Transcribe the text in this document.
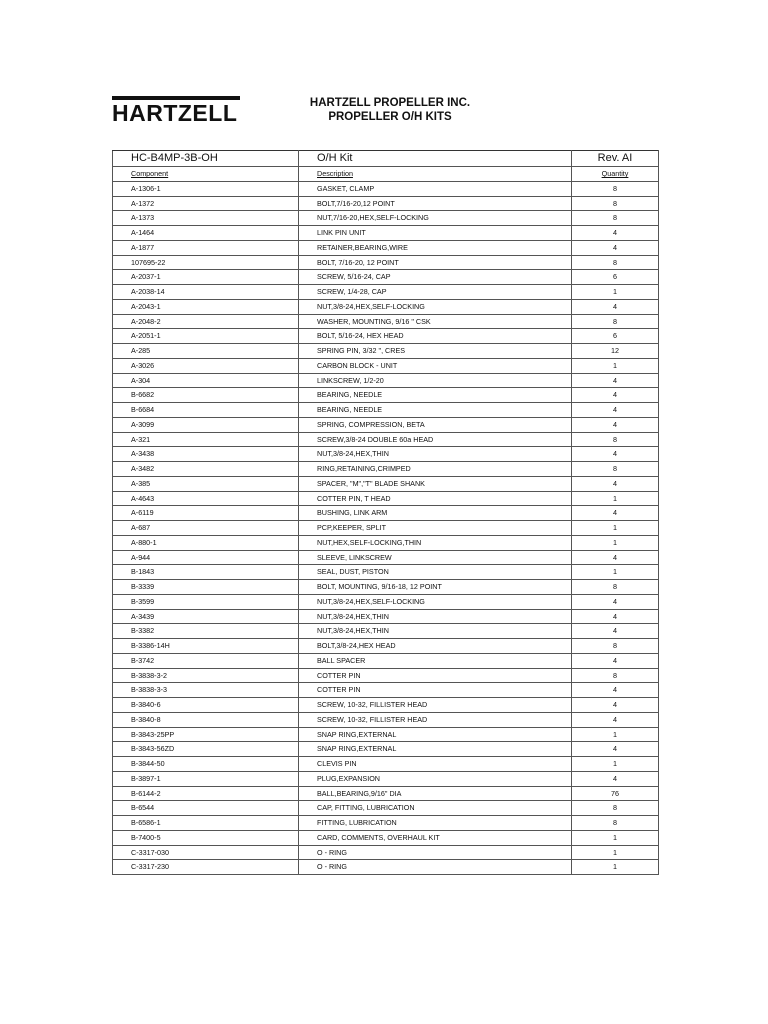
HARTZELL	HARTZELL PROPELLER INC.
PROPELLER O/H KITS
HC-B4MP-3B-OH	O/H Kit	Rev. AI
Component	Description	Quantity
A-1306-1	GASKET, CLAMP	8
A-1372	BOLT,7/16-20,12 POINT	8
A-1373	NUT,7/16-20,HEX,SELF-LOCKING	8
A-1464	LINK PIN UNIT	4
A-1877	RETAINER,BEARING,WIRE	4
107695-22	BOLT, 7/16-20, 12 POINT	8
A-2037-1	SCREW, 5/16-24, CAP	6
A-2038-14	SCREW, 1/4-28, CAP	1
A-2043-1	NUT,3/8-24,HEX,SELF-LOCKING	4
A-2048-2	WASHER, MOUNTING, 9/16 " CSK	8
A-2051-1	BOLT, 5/16-24, HEX HEAD	6
A-285	SPRING PIN, 3/32 ", CRES	12
A-3026	CARBON BLOCK - UNIT	1
A-304	LINKSCREW, 1/2-20	4
B-6682	BEARING, NEEDLE	4
B-6684	BEARING, NEEDLE	4
A-3099	SPRING, COMPRESSION, BETA	4
A-321	SCREW,3/8-24 DOUBLE 60a HEAD	8
A-3438	NUT,3/8-24,HEX,THIN	4
A-3482	RING,RETAINING,CRIMPED	8
A-385	SPACER, "M","T" BLADE SHANK	4
A-4643	COTTER PIN, T HEAD	1
A-6119	BUSHING, LINK ARM	4
A-687	PCP,KEEPER, SPLIT	1
A-880-1	NUT,HEX,SELF-LOCKING,THIN	1
A-944	SLEEVE, LINKSCREW	4
B-1843	SEAL, DUST, PISTON	1
B-3339	BOLT, MOUNTING, 9/16-18, 12 POINT	8
B-3599	NUT,3/8-24,HEX,SELF-LOCKING	4
A-3439	NUT,3/8-24,HEX,THIN	4
B-3382	NUT,3/8-24,HEX,THIN	4
B-3386-14H	BOLT,3/8-24,HEX HEAD	8
B-3742	BALL SPACER	4
B-3838-3-2	COTTER PIN	8
B-3838-3-3	COTTER PIN	4
B-3840-6	SCREW, 10-32, FILLISTER HEAD	4
B-3840-8	SCREW, 10-32, FILLISTER HEAD	4
B-3843-25PP	SNAP RING,EXTERNAL	1
B-3843-56ZD	SNAP RING,EXTERNAL	4
B-3844-50	CLEVIS PIN	1
B-3897-1	PLUG,EXPANSION	4
B-6144-2	BALL,BEARING,9/16" DIA	76
B-6544	CAP, FITTING, LUBRICATION	8
B-6586-1	FITTING, LUBRICATION	8
B-7400-5	CARD, COMMENTS, OVERHAUL KIT	1
C-3317-030	O - RING	1
C-3317-230	O - RING	1
